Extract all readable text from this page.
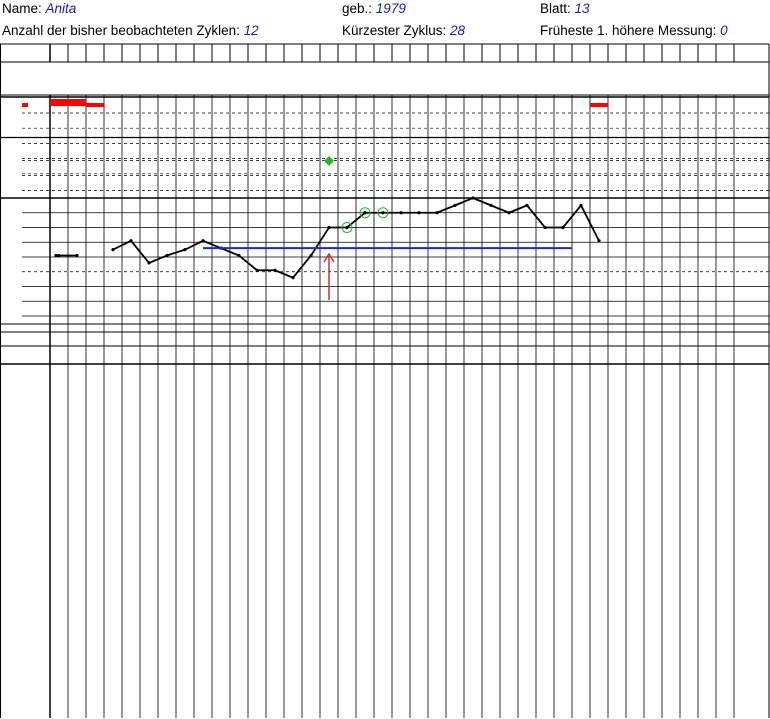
Name: Anita	geb.: 1979	Blatt: 13
Anzahl der bisher beobachteten Zyklen: 12	Kürzester Zyklus: 28	Früheste 1. höhere Messung: 0
